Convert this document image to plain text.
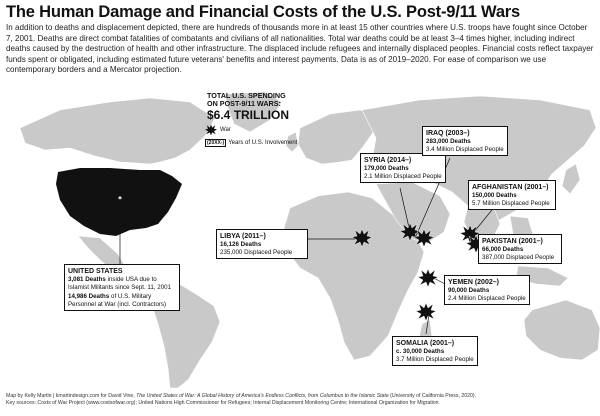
The Human Damage and Financial Costs of the U.S. Post-9/11 Wars
In addition to deaths and displacement depicted, there are hundreds of thousands more in at least 15 other countries where U.S. troops have fought since October 7, 2001. Deaths are direct combat fatalities of combatants and civilians of all nationalities. Total war deaths could be at least 3–4 times higher, including indirect deaths caused by the destruction of health and other infrastructure. The displaced include refugees and internally displaced peoples. Financial costs reflect taxpayer funds spent or obligated, including estimated future veterans' benefits and interest payments. Data is as of 2019–2020. For ease of comparison we use contemporary borders and a Mercator projection.
TOTAL U.S. SPENDING
ON POST-9/11 WARS:
$6.4 TRILLION
War
(20XX-) Years of U.S. Involvement
UNITED STATES
3,081 Deaths inside USA due to Islamist Militants since Sept. 11, 2001
14,986 Deaths of U.S. Military Personnel at War (incl. Contractors)
LIBYA (2011–)
16,126 Deaths
235,000 Displaced People
SYRIA (2014–)
179,000 Deaths
2.1 Million Displaced People
IRAQ (2003–)
283,000 Deaths
3.4 Million Displaced People
AFGHANISTAN (2001–)
150,000 Deaths
5.7 Million Displaced People
PAKISTAN (2001–)
66,000 Deaths
387,000 Displaced People
YEMEN (2002–)
90,000 Deaths
2.4 Million Displaced People
SOMALIA (2001–)
c. 30,000 Deaths
3.7 Million Displaced People
Map by Kelly Martin | kmartindesign.com for David Vine, The United States of War: A Global History of America's Endless Conflicts, from Columbus to the Islamic State (University of California Press, 2020).
Key sources: Costs of War Project (www.costsofwar.org); United Nations High Commissioner for Refugees; Internal Displacement Monitoring Centre; International Organization for Migration
